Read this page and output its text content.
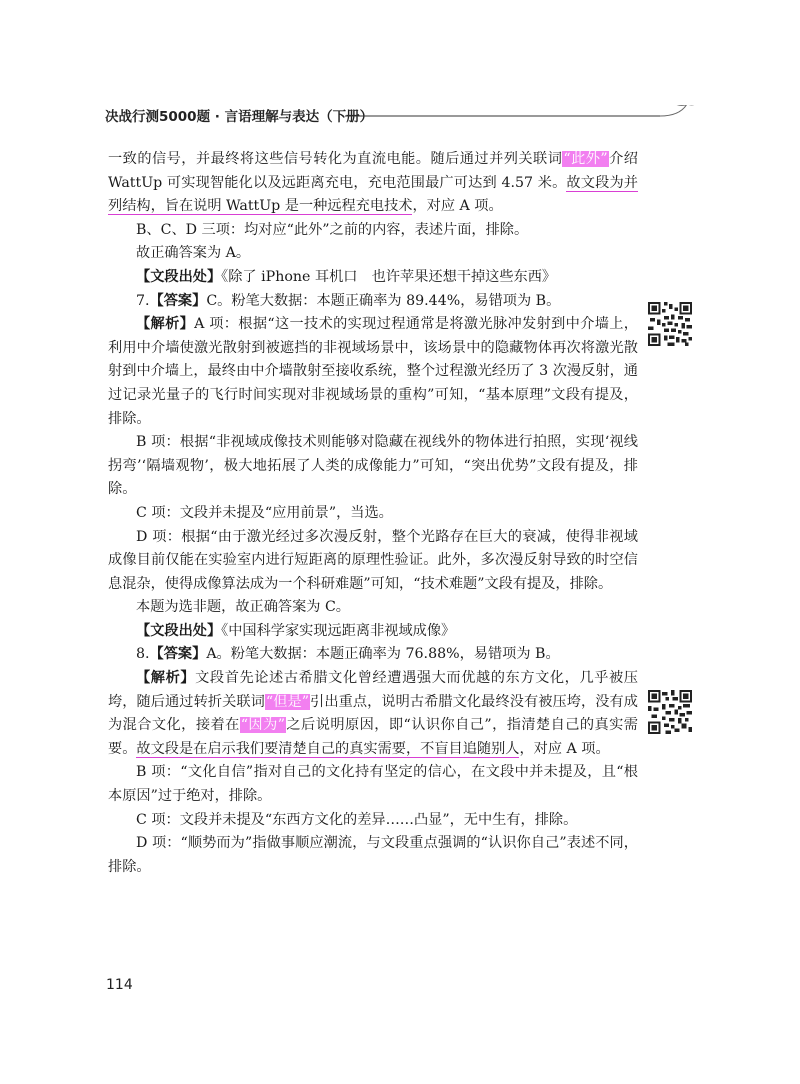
决战行测5000题 · 言语理解与表达（下册）

一致的信号，并最终将这些信号转化为直流电能。随后通过并列关联词“此外”介绍WattUp 可实现智能化以及远距离充电，充电范围最广可达到 4.57 米。故文段为并列结构，旨在说明 WattUp 是一种远程充电技术，对应 A 项。

B、C、D 三项：均对应“此外”之前的内容，表述片面，排除。

故正确答案为 A。

【文段出处】《除了 iPhone 耳机口　也许苹果还想干掉这些东西》

7.【答案】C。粉笔大数据：本题正确率为 89.44%，易错项为 B。

【解析】A 项：根据“这一技术的实现过程通常是将激光脉冲发射到中介墙上，利用中介墙使激光散射到被遮挡的非视域场景中，该场景中的隐藏物体再次将激光散射到中介墙上，最终由中介墙散射至接收系统，整个过程激光经历了 3 次漫反射，通过记录光量子的飞行时间实现对非视域场景的重构”可知，“基本原理”文段有提及，排除。

B 项：根据“非视域成像技术则能够对隐藏在视线外的物体进行拍照，实现‘视线拐弯’‘隔墙观物’，极大地拓展了人类的成像能力”可知，“突出优势”文段有提及，排除。

C 项：文段并未提及“应用前景”，当选。

D 项：根据“由于激光经过多次漫反射，整个光路存在巨大的衰减，使得非视域成像目前仅能在实验室内进行短距离的原理性验证。此外，多次漫反射导致的时空信息混杂，使得成像算法成为一个科研难题”可知，“技术难题”文段有提及，排除。

本题为选非题，故正确答案为 C。

【文段出处】《中国科学家实现远距离非视域成像》

8.【答案】A。粉笔大数据：本题正确率为 76.88%，易错项为 B。

【解析】文段首先论述古希腊文化曾经遭遇强大而优越的东方文化，几乎被压垮，随后通过转折关联词“但是”引出重点，说明古希腊文化最终没有被压垮，没有成为混合文化，接着在“因为”之后说明原因，即“认识你自己”，指清楚自己的真实需要。故文段是在启示我们要清楚自己的真实需要，不盲目追随别人，对应 A 项。

B 项：“文化自信”指对自己的文化持有坚定的信心，在文段中并未提及，且“根本原因”过于绝对，排除。

C 项：文段并未提及“东西方文化的差异……凸显”，无中生有，排除。

D 项：“顺势而为”指做事顺应潮流，与文段重点强调的“认识你自己”表述不同，排除。

114
